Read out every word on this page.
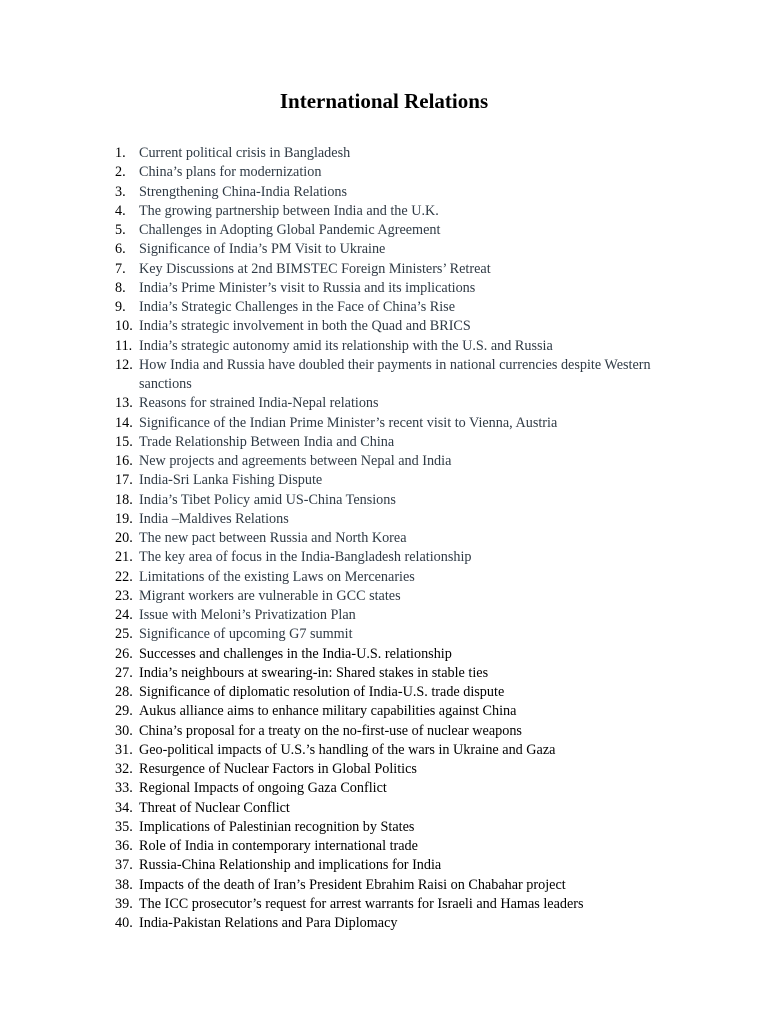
International Relations
1. Current political crisis in Bangladesh
2. China’s plans for modernization
3. Strengthening China-India Relations
4. The growing partnership between India and the U.K.
5. Challenges in Adopting Global Pandemic Agreement
6. Significance of India’s PM Visit to Ukraine
7. Key Discussions at 2nd BIMSTEC Foreign Ministers’ Retreat
8. India’s Prime Minister’s visit to Russia and its implications
9. India’s Strategic Challenges in the Face of China’s Rise
10. India’s strategic involvement in both the Quad and BRICS
11. India’s strategic autonomy amid its relationship with the U.S. and Russia
12. How India and Russia have doubled their payments in national currencies despite Western sanctions
13. Reasons for strained India-Nepal relations
14. Significance of the Indian Prime Minister’s recent visit to Vienna, Austria
15. Trade Relationship Between India and China
16. New projects and agreements between Nepal and India
17. India-Sri Lanka Fishing Dispute
18. India’s Tibet Policy amid US-China Tensions
19. India –Maldives Relations
20. The new pact between Russia and North Korea
21. The key area of focus in the India-Bangladesh relationship
22. Limitations of the existing Laws on Mercenaries
23. Migrant workers are vulnerable in GCC states
24. Issue with Meloni’s Privatization Plan
25. Significance of upcoming G7 summit
26. Successes and challenges in the India-U.S. relationship
27. India’s neighbours at swearing-in: Shared stakes in stable ties
28. Significance of diplomatic resolution of India-U.S. trade dispute
29. Aukus alliance aims to enhance military capabilities against China
30. China’s proposal for a treaty on the no-first-use of nuclear weapons
31. Geo-political impacts of U.S.’s handling of the wars in Ukraine and Gaza
32. Resurgence of Nuclear Factors in Global Politics
33. Regional Impacts of ongoing Gaza Conflict
34. Threat of Nuclear Conflict
35. Implications of Palestinian recognition by States
36. Role of India in contemporary international trade
37. Russia-China Relationship and implications for India
38. Impacts of the death of Iran’s President Ebrahim Raisi on Chabahar project
39. The ICC prosecutor’s request for arrest warrants for Israeli and Hamas leaders
40. India-Pakistan Relations and Para Diplomacy
